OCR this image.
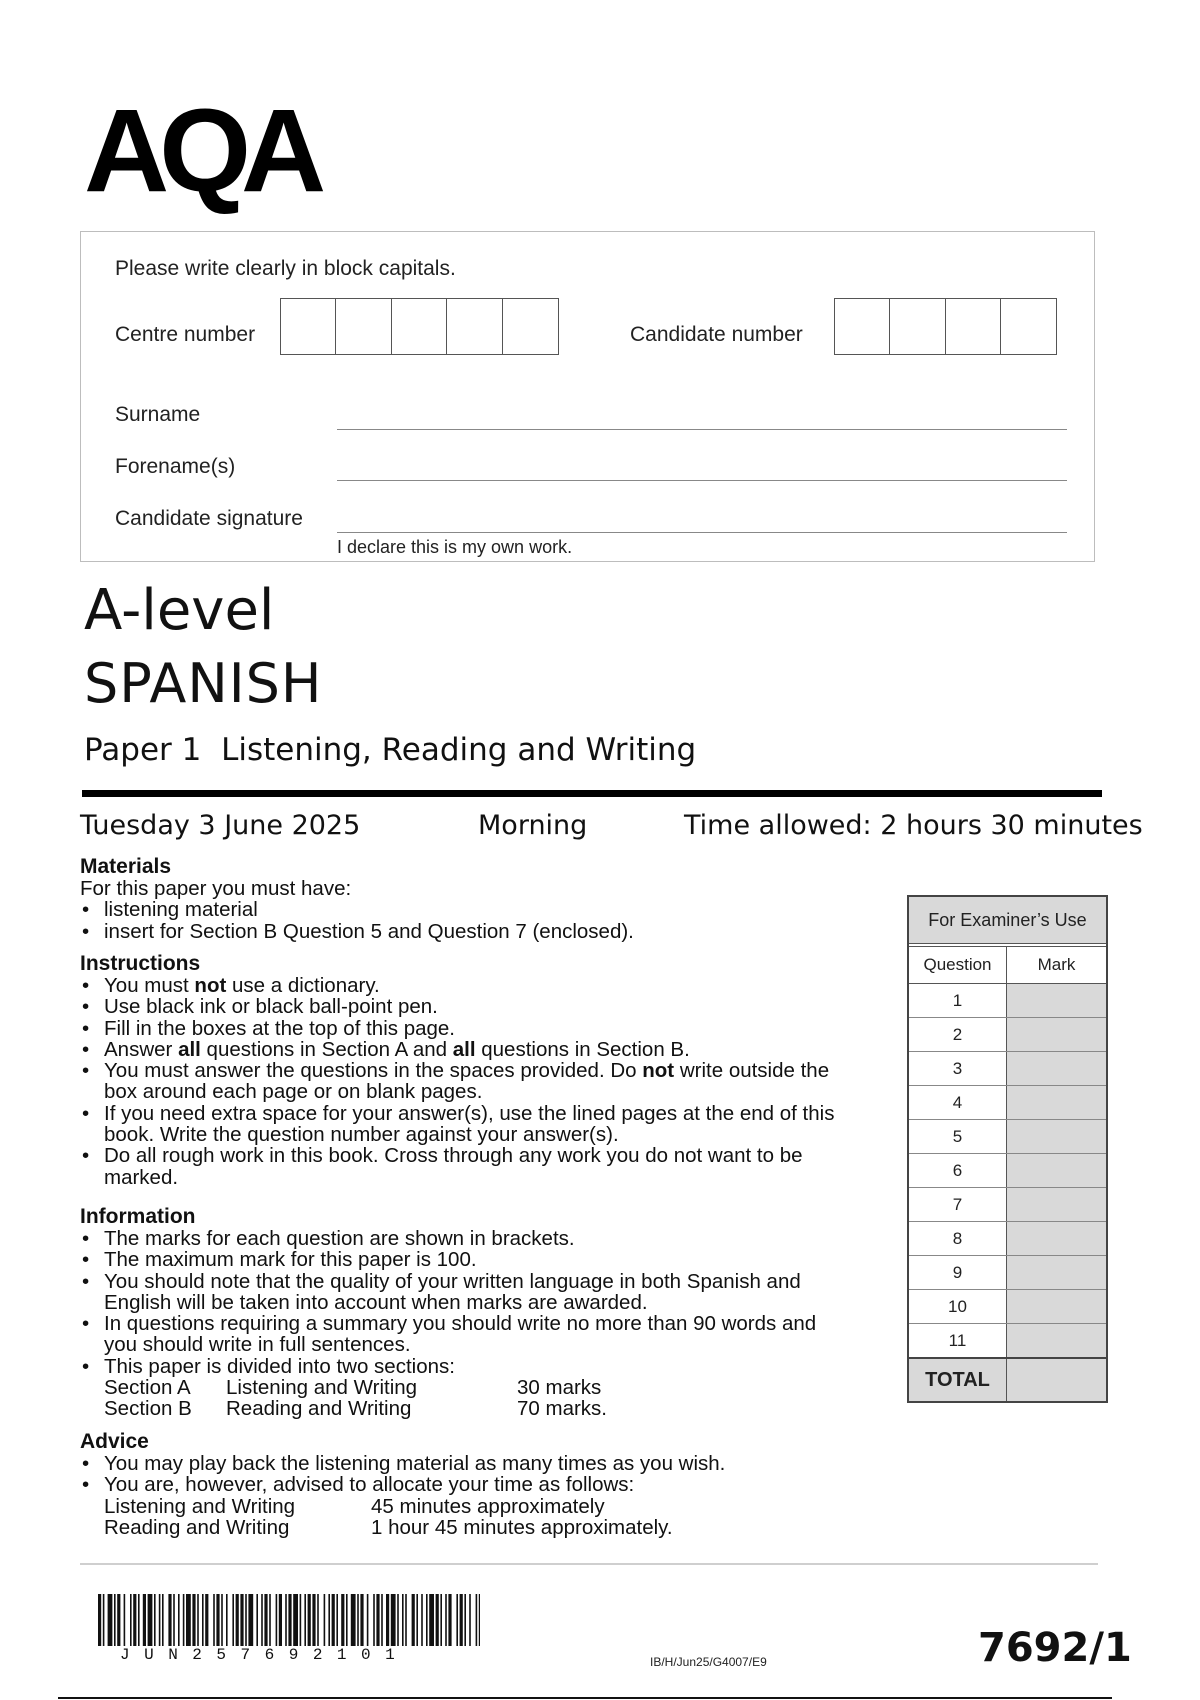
AQA
Please write clearly in block capitals.
Centre number	Candidate number
Surname
Forename(s)
Candidate signature
I declare this is my own work.
A-level
SPANISH
Paper 1  Listening, Reading and Writing
Tuesday 3 June 2025	Morning	Time allowed: 2 hours 30 minutes
Materials
For this paper you must have:
• listening material
• insert for Section B Question 5 and Question 7 (enclosed).
Instructions
• You must not use a dictionary.
• Use black ink or black ball-point pen.
• Fill in the boxes at the top of this page.
• Answer all questions in Section A and all questions in Section B.
• You must answer the questions in the spaces provided. Do not write outside the box around each page or on blank pages.
• If you need extra space for your answer(s), use the lined pages at the end of this book. Write the question number against your answer(s).
• Do all rough work in this book. Cross through any work you do not want to be marked.
Information
• The marks for each question are shown in brackets.
• The maximum mark for this paper is 100.
• You should note that the quality of your written language in both Spanish and English will be taken into account when marks are awarded.
• In questions requiring a summary you should write no more than 90 words and you should write in full sentences.
• This paper is divided into two sections:
Section A	Listening and Writing	30 marks
Section B	Reading and Writing	70 marks.
Advice
• You may play back the listening material as many times as you wish.
• You are, however, advised to allocate your time as follows:
Listening and Writing	45 minutes approximately
Reading and Writing	1 hour 45 minutes approximately.
For Examiner’s Use
Question	Mark
1
2
3
4
5
6
7
8
9
10
11
TOTAL
JUN257692101	IB/H/Jun25/G4007/E9	7692/1
